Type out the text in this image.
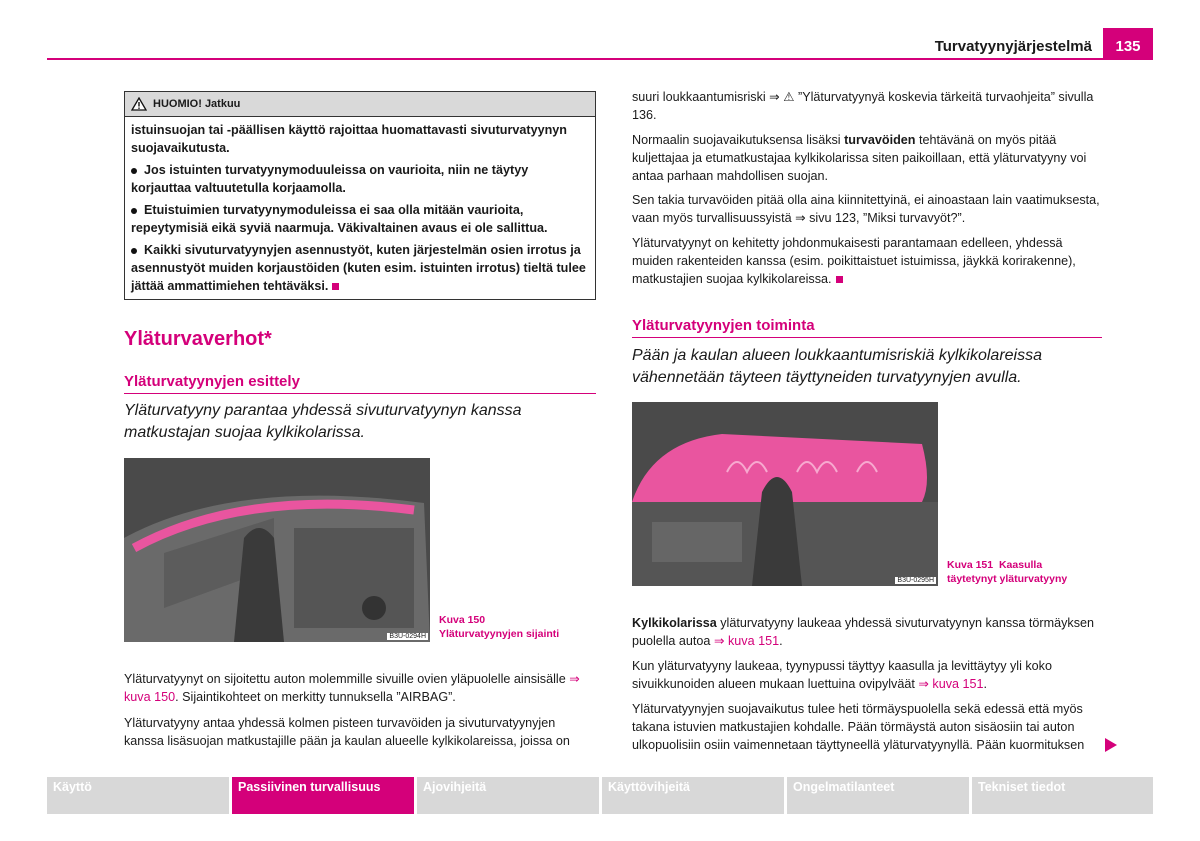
Turvatyynyjärjestelmä	135
HUOMIO! Jatkuu

istuinsuojan tai -päällisen käyttö rajoittaa huomattavasti sivuturvatyynyn suojavaikutusta.

Jos istuinten turvatyynymoduuleissa on vaurioita, niin ne täytyy korjauttaa valtuutetulla korjaamolla.

Etuistuimien turvatyynymoduleissa ei saa olla mitään vaurioita, repeytymisiä eikä syviä naarmuja. Väkivaltainen avaus ei ole sallittua.

Kaikki sivuturvatyynyjen asennustyöt, kuten järjestelmän osien irrotus ja asennustyöt muiden korjaustöiden (kuten esim. istuinten irrotus) tieltä tulee jättää ammattimiehen tehtäväksi.

Yläturvaverhot*
Yläturvatyynyjen esittely
Yläturvatyyny parantaa yhdessä sivuturvatyynyn kanssa matkustajan suojaa kylkikolarissa.
B3U-0294H
Kuva 150  Yläturvatyynyjen sijainti

Yläturvatyynyt on sijoitettu auton molemmille sivuille ovien yläpuolelle ainsisälle ⇒ kuva 150. Sijaintikohteet on merkitty tunnuksella ”AIRBAG”.

Yläturvatyyny antaa yhdessä kolmen pisteen turvavöiden ja sivuturvatyynyjen kanssa lisäsuojan matkustajille pään ja kaulan alueelle kylkikolareissa, joissa on

suuri loukkaantumisriski ⇒ ⚠ ”Yläturvatyynyä koskevia tärkeitä turvaohjeita” sivulla 136.

Normaalin suojavaikutuksensa lisäksi turvavöiden tehtävänä on myös pitää kuljettajaa ja etumatkustajaa kylkikolarissa siten paikoillaan, että yläturvatyyny voi antaa parhaan mahdollisen suojan.

Sen takia turvavöiden pitää olla aina kiinnitettyinä, ei ainoastaan lain vaatimuksesta, vaan myös turvallisuussyistä ⇒ sivu 123, ”Miksi turvavyöt?”.

Yläturvatyynyt on kehitetty johdonmukaisesti parantamaan edelleen, yhdessä muiden rakenteiden kanssa (esim. poikittaistuet istuimissa, jäykkä korirakenne), matkustajien suojaa kylkikolareissa.

Yläturvatyynyjen toiminta
Pään ja kaulan alueen loukkaantumisriskiä kylkikolareissa vähennetään täyteen täyttyneiden turvatyynyjen avulla.
B3U-0295H
Kuva 151 Kaasulla täytetynyt yläturvatyyny

Kylkikolarissa yläturvatyyny laukeaa yhdessä sivuturvatyynyn kanssa törmäyksen puolella autoa ⇒ kuva 151.

Kun yläturvatyyny laukeaa, tyynypussi täyttyy kaasulla ja levittäytyy yli koko sivuikkunoiden alueen mukaan luettuina ovipylväät ⇒ kuva 151.

Yläturvatyynyjen suojavaikutus tulee heti törmäyspuolella sekä edessä että myös takana istuvien matkustajien kohdalle. Pään törmäystä auton sisäosiin tai auton ulkopuolisiin osiin vaimennetaan täyttyneellä yläturvatyynyllä. Pään kuormituksen

Käyttö	Passiivinen turvallisuus	Ajovihjeitä	Käyttövihjeitä	Ongelmatilanteet	Tekniset tiedot
